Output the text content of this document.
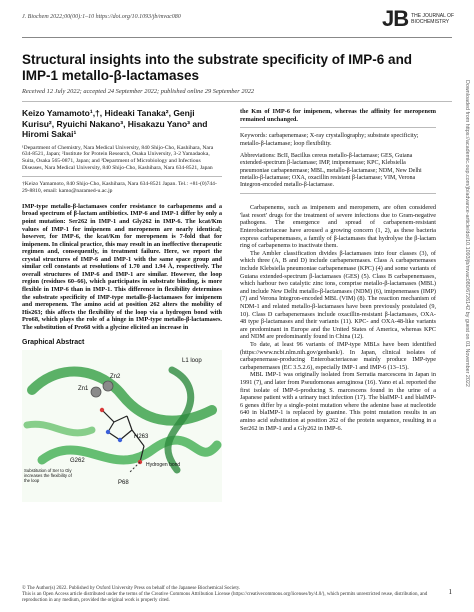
J. Biochem 2022;00(00):1–10 https://doi.org/10.1093/jb/mvac080	JB THE JOURNAL OF
BIOCHEMISTRY
Structural insights into the substrate specificity of IMP-6 and IMP-1 metallo-β-lactamases
Received 12 July 2022; accepted 24 September 2022; published online 29 September 2022
Keizo Yamamoto¹,†, Hideaki Tanaka², Genji Kurisu², Ryuichi Nakano³, Hisakazu Yano³ and Hiromi Sakai¹
¹Department of Chemistry, Nara Medical University, 840 Shijo-Cho, Kashihara, Nara 634-8521, Japan; ²Institute for Protein Research, Osaka University, 3-2 Yamadaoka, Suita, Osaka 565-0871, Japan; and ³Department of Microbiology and Infectious Diseases, Nara Medical University, 840 Shijo-Cho, Kashihara, Nara 634-8521, Japan
†Keizo Yamamoto, 840 Shijo-Cho, Kashihara, Nara 634-8521 Japan. Tel.: +81-(0)744-29-8810, email: kamo@naramed-u.ac.jp
IMP-type metallo-β-lactamases confer resistance to carbapenems and a broad spectrum of β-lactam antibiotics. IMP-6 and IMP-1 differ by only a point mutation: Ser262 in IMP-1 and Gly262 in IMP-6. The kcat/Km values of IMP-1 for imipenem and meropenem are nearly identical; however, for IMP-6, the kcat/Km for meropenem is 7-fold that for imipenem. In clinical practice, this may result in an ineffective therapeutic regimen and, consequently, in treatment failure. Here, we report the crystal structures of IMP-6 and IMP-1 with the same space group and similar cell constants at resolutions of 1.70 and 1.94 Å, respectively. The overall structures of IMP-6 and IMP-1 are similar. However, the loop region (residues 60–66), which participates in substrate binding, is more flexible in IMP-6 than in IMP-1. This difference in flexibility determines the substrate specificity of IMP-type metallo-β-lactamases for imipenem and meropenem. The amino acid at position 262 alters the mobility of His263; this affects the flexibility of the loop via a hydrogen bond with Pro68, which plays the role of a hinge in IMP-type metallo-β-lactamases. The substitution of Pro68 with a glycine elicited an increase in
Graphical Abstract
L1 loop
Zn1
Zn2
H263
Hydrogen bond
P68
G262
Substitution of Ser to Gly increases the flexibility of the loop
the Km of IMP-6 for imipenem, whereas the affinity for meropenem remained unchanged.
Keywords: carbapenemase; X-ray crystallography; substrate specificity; metallo-β-lactamase; loop flexibility.
Abbreviations: BcII, Bacillus cereus metallo-β-lactamase; GES, Guiana extended-spectrum β-lactamase; IMP, imipenemase; KPC, Klebsiella pneumoniae carbapenemase; MBL, metallo-β-lactamase; NDM, New Delhi metallo-β-lactamase; OXA, oxacillin resistant β-lactamase; VIM, Verona Integron-encoded metallo-β-lactamase.

Carbapenems, such as imipenem and meropenem, are often considered 'last resort' drugs for the treatment of severe infections due to Gram-negative pathogens. The emergence and spread of carbapenem-resistant Enterobacteriaceae have aroused a growing concern (1, 2), as these bacteria express carbapenemases, a family of β-lactamases that hydrolyse the β-lactam ring of carbapenems to inactivate them.

The Ambler classification divides β-lactamases into four classes (3), of which three (A, B and D) include carbapenemases. Class A carbapenemases include Klebsiella pneumoniae carbapenemase (KPC) (4) and some variants of Guiana extended-spectrum β-lactamases (GES) (5). Class B carbapenemases, which harbour two catalytic zinc ions, comprise metallo-β-lactamases (MBL) and include New Delhi metallo-β-lactamases (NDM) (6), imipenemases (IMP) (7) and Verona Integron-encoded MBL (VIM) (8). The reaction mechanism of NDM-1 and related metallo-β-lactamases have been previously postulated (9, 10). Class D carbapenemases include oxacillin-resistant β-lactamases, OXA-48 type β-lactamases and their variants (11). KPC- and OXA-48-like variants are predominant in Europe and the United States of America, whereas KPC and NDM are predominantly found in China (12).

To date, at least 96 variants of IMP-type MBLs have been identified (https://www.ncbi.nlm.nih.gov/genbank/). In Japan, clinical isolates of carbapenemase-producing Enterobacteriaceae mainly produce IMP-type carbapenemases (EC 3.5.2.6), especially IMP-1 and IMP-6 (13–15).

MBL IMP-1 was originally isolated from Serratia marcescens in Japan in 1991 (7), and later from Pseudomonas aeruginosa (16). Yano et al. reported the first isolate of IMP-6-producing S. marcescens found in the urine of a Japanese patient with a urinary tract infection (17). The blaIMP-1 and blaIMP-6 genes differ by a single-point mutation where the adenine base at nucleotide 640 in blaIMP-1 is replaced by guanine. This point mutation results in an amino acid substitution at position 262 of the protein sequence, resulting in a Ser262 in IMP-1 and a Gly262 in IMP-6.

Downloaded from https://academic.oup.com/jb/advance-article/doi/10.1093/jb/mvac080/6726142 by guest on 01 November 2022
© The Author(s) 2022. Published by Oxford University Press on behalf of the Japanese Biochemical Society.
This is an Open Access article distributed under the terms of the Creative Commons Attribution License (https://creativecommons.org/licenses/by/4.0/), which permits unrestricted reuse, distribution, and reproduction in any medium, provided the original work is properly cited.
1
